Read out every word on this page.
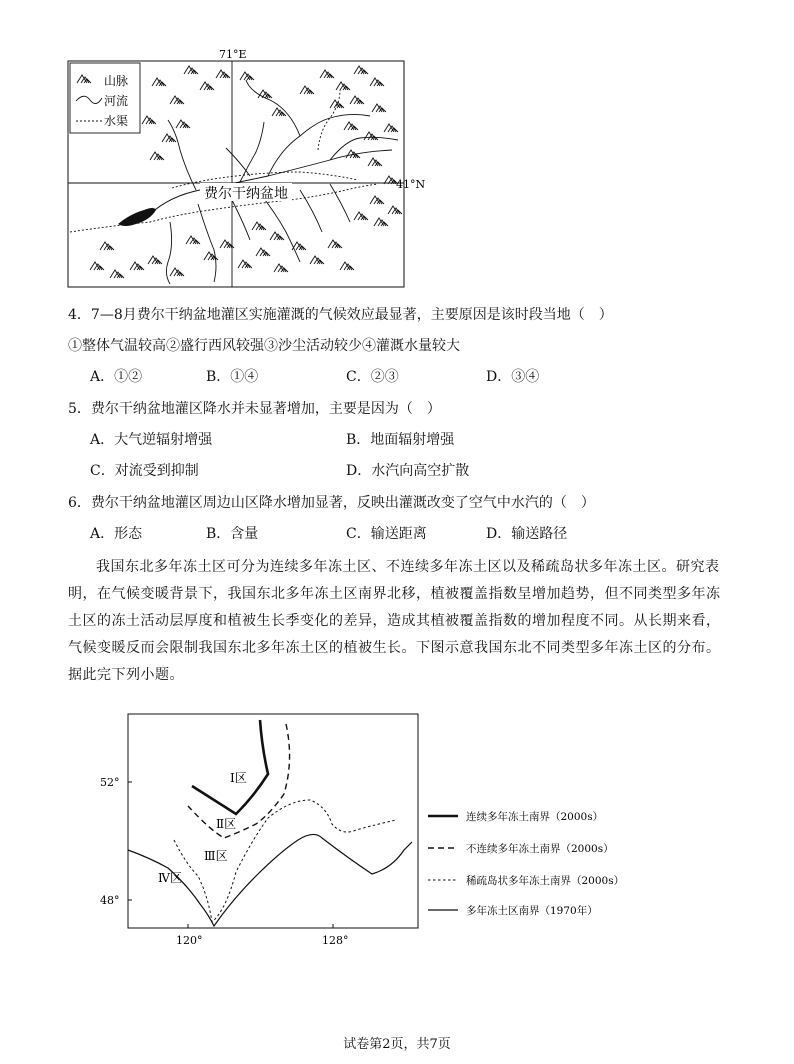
71°E
41°N
山脉
河流
水渠
费尔干纳盆地
4．7—8月费尔干纳盆地灌区实施灌溉的气候效应最显著，主要原因是该时段当地（　）
①整体气温较高②盛行西风较强③沙尘活动较少④灌溉水量较大
A．①②	B．①④	C．②③	D．③④
5．费尔干纳盆地灌区降水并未显著增加，主要是因为（　）
A．大气逆辐射增强	B．地面辐射增强
C．对流受到抑制	D．水汽向高空扩散
6．费尔干纳盆地灌区周边山区降水增加显著，反映出灌溉改变了空气中水汽的（　）
A．形态	B．含量	C．输送距离	D．输送路径
我国东北多年冻土区可分为连续多年冻土区、不连续多年冻土区以及稀疏岛状多年冻土区。研究表明，在气候变暖背景下，我国东北多年冻土区南界北移，植被覆盖指数呈增加趋势，但不同类型多年冻土区的冻土活动层厚度和植被生长季变化的差异，造成其植被覆盖指数的增加程度不同。从长期来看，气候变暖反而会限制我国东北多年冻土区的植被生长。下图示意我国东北不同类型多年冻土区的分布。据此完下列小题。
52°
48°
120°	128°
Ⅰ区
Ⅱ区
Ⅲ区
Ⅳ区
连续多年冻土南界（2000s）
不连续多年冻土南界（2000s）
稀疏岛状多年冻土南界（2000s）
多年冻土区南界（1970年）
试卷第2页，共7页
